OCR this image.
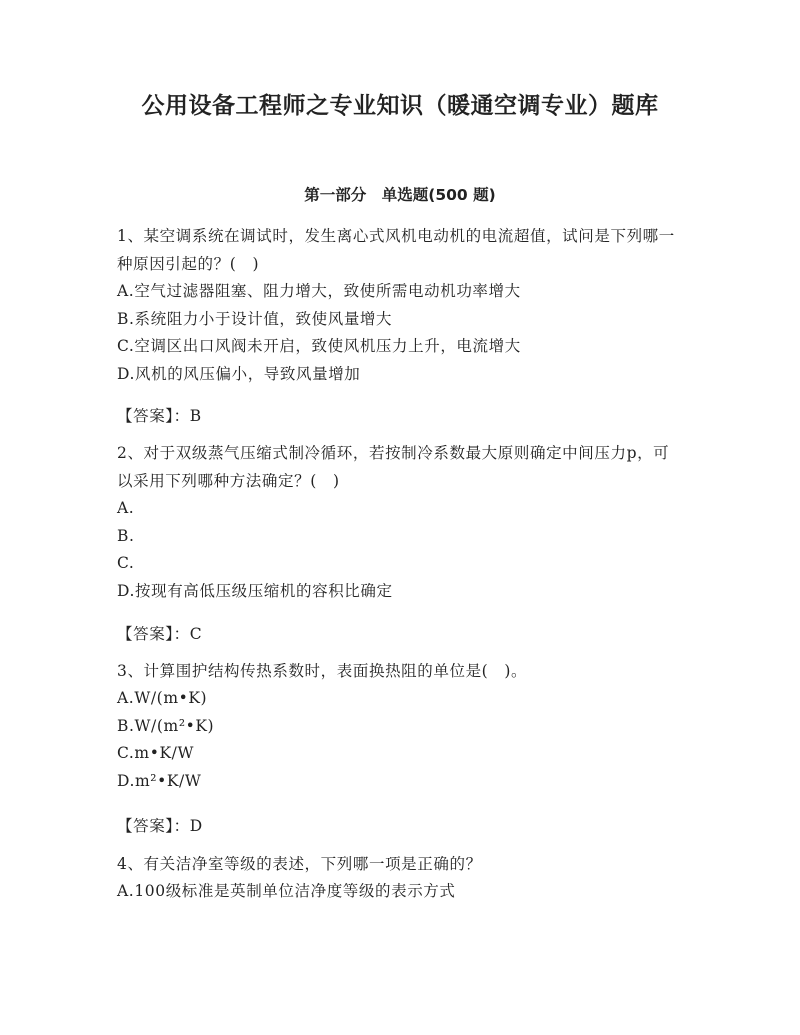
公用设备工程师之专业知识（暖通空调专业）题库
第一部分　单选题(500 题)
1、某空调系统在调试时，发生离心式风机电动机的电流超值，试问是下列哪一种原因引起的？(　)
A.空气过滤器阻塞、阻力增大，致使所需电动机功率增大
B.系统阻力小于设计值，致使风量增大
C.空调区出口风阀未开启，致使风机压力上升，电流增大
D.风机的风压偏小，导致风量增加
【答案】：B
2、对于双级蒸气压缩式制冷循环，若按制冷系数最大原则确定中间压力p，可以采用下列哪种方法确定？(　)
A.
B.
C.
D.按现有高低压级压缩机的容积比确定
【答案】：C
3、计算围护结构传热系数时，表面换热阻的单位是(　)。
A.W/(m•K)
B.W/(m²•K)
C.m•K/W
D.m²•K/W
【答案】：D
4、有关洁净室等级的表述，下列哪一项是正确的？
A.100级标准是英制单位洁净度等级的表示方式
